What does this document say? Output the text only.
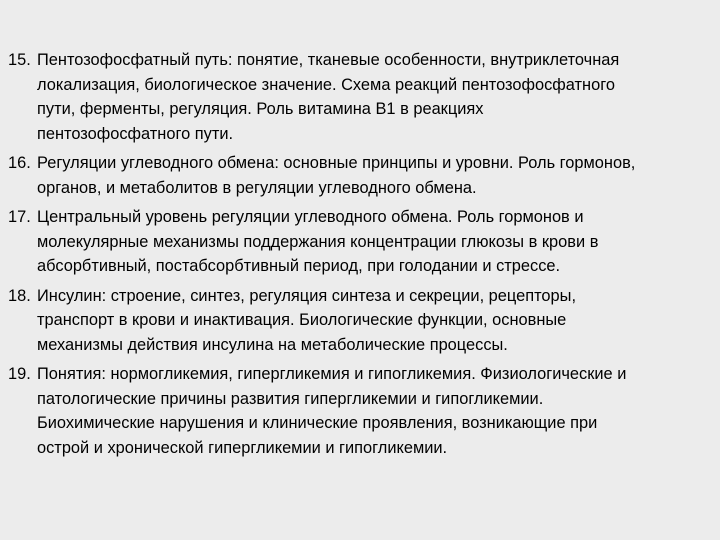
15. Пентозофосфатный путь: понятие, тканевые особенности, внутриклеточная
локализация, биологическое значение. Схема реакций пентозофосфатного
пути, ферменты, регуляция. Роль витамина В1 в реакциях
пентозофосфатного пути.
16. Регуляции углеводного обмена: основные принципы и уровни. Роль гормонов,
органов, и метаболитов в регуляции углеводного обмена.
17. Центральный уровень регуляции углеводного обмена. Роль гормонов и
молекулярные механизмы поддержания концентрации глюкозы в крови в
абсорбтивный, постабсорбтивный период, при голодании и стрессе.
18. Инсулин: строение, синтез, регуляция синтеза и секреции, рецепторы,
транспорт в крови и инактивация. Биологические функции, основные
механизмы действия инсулина на метаболические процессы.
19. Понятия: нормогликемия, гипергликемия и гипогликемия. Физиологические и
патологические причины развития гипергликемии и гипогликемии.
Биохимические нарушения и клинические проявления, возникающие при
острой и хронической гипергликемии и гипогликемии.
